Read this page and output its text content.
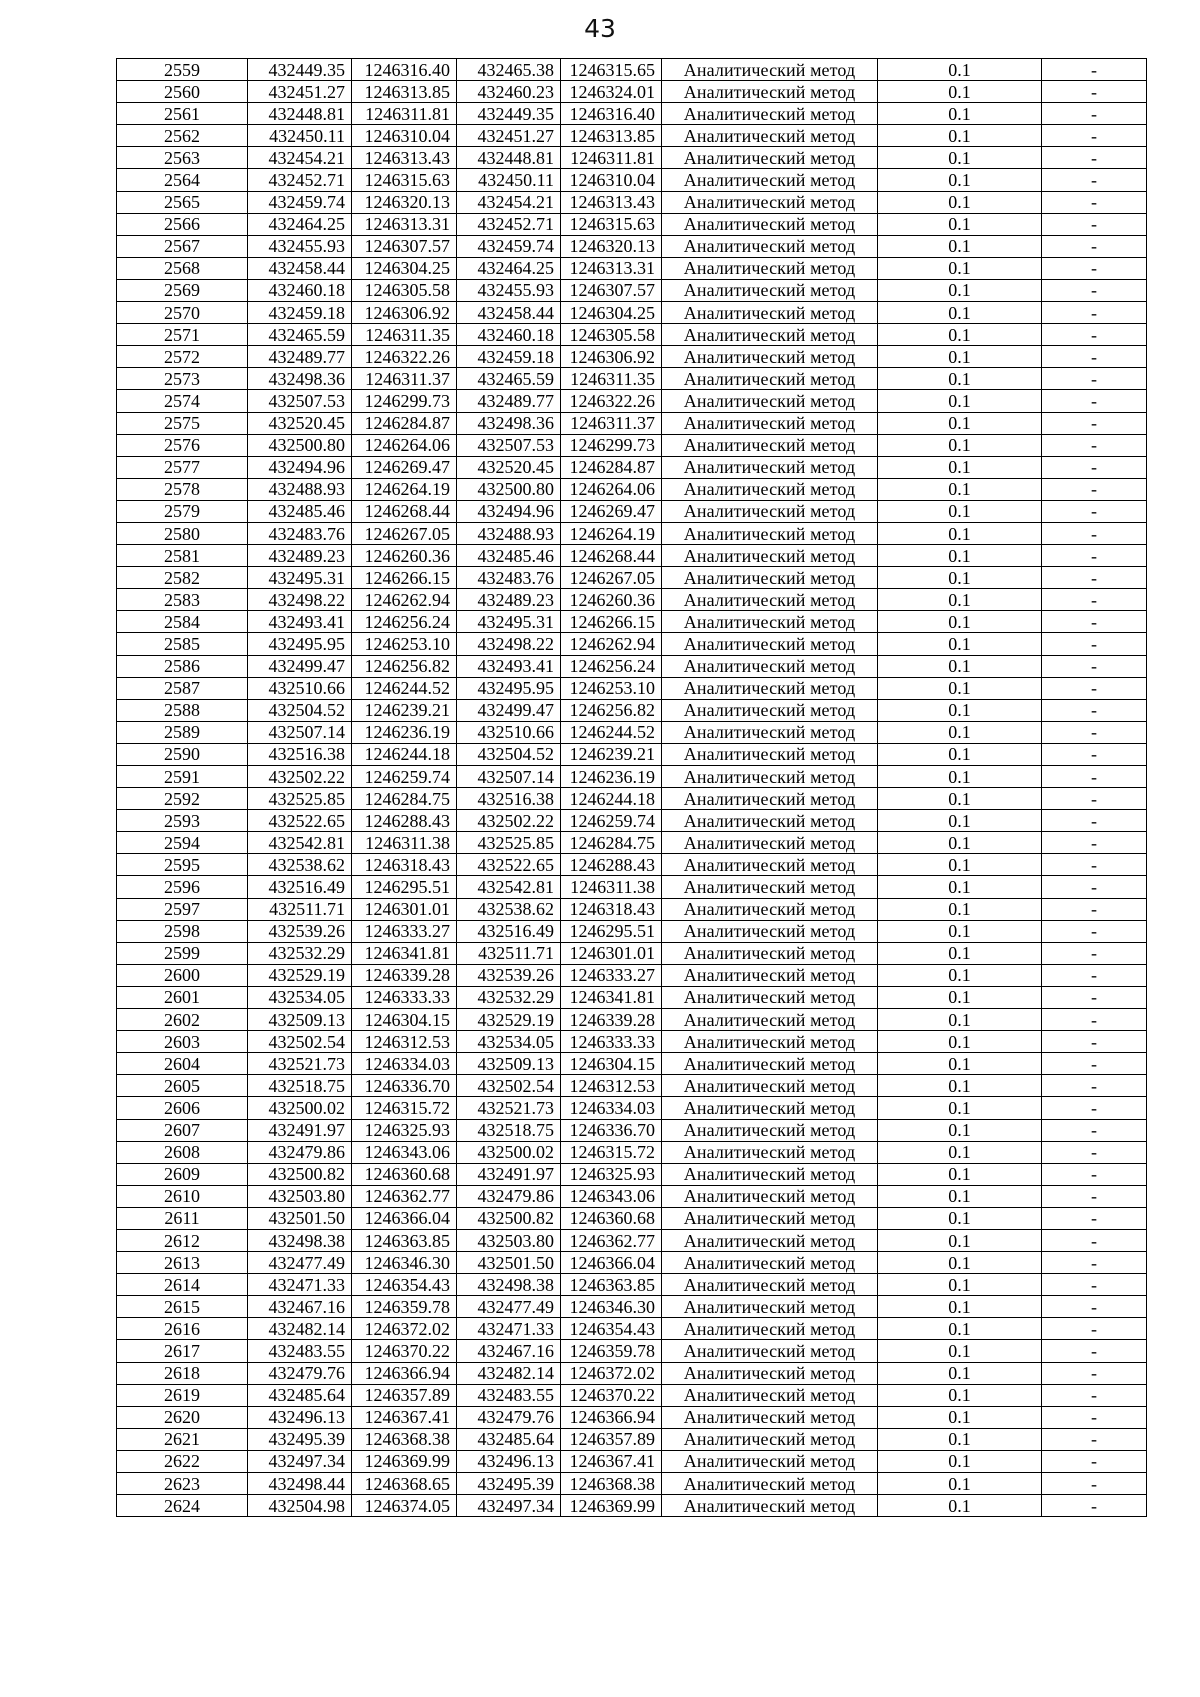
43
2559	432449.35	1246316.40	432465.38	1246315.65	Аналитический метод	0.1	-
2560	432451.27	1246313.85	432460.23	1246324.01	Аналитический метод	0.1	-
2561	432448.81	1246311.81	432449.35	1246316.40	Аналитический метод	0.1	-
2562	432450.11	1246310.04	432451.27	1246313.85	Аналитический метод	0.1	-
2563	432454.21	1246313.43	432448.81	1246311.81	Аналитический метод	0.1	-
2564	432452.71	1246315.63	432450.11	1246310.04	Аналитический метод	0.1	-
2565	432459.74	1246320.13	432454.21	1246313.43	Аналитический метод	0.1	-
2566	432464.25	1246313.31	432452.71	1246315.63	Аналитический метод	0.1	-
2567	432455.93	1246307.57	432459.74	1246320.13	Аналитический метод	0.1	-
2568	432458.44	1246304.25	432464.25	1246313.31	Аналитический метод	0.1	-
2569	432460.18	1246305.58	432455.93	1246307.57	Аналитический метод	0.1	-
2570	432459.18	1246306.92	432458.44	1246304.25	Аналитический метод	0.1	-
2571	432465.59	1246311.35	432460.18	1246305.58	Аналитический метод	0.1	-
2572	432489.77	1246322.26	432459.18	1246306.92	Аналитический метод	0.1	-
2573	432498.36	1246311.37	432465.59	1246311.35	Аналитический метод	0.1	-
2574	432507.53	1246299.73	432489.77	1246322.26	Аналитический метод	0.1	-
2575	432520.45	1246284.87	432498.36	1246311.37	Аналитический метод	0.1	-
2576	432500.80	1246264.06	432507.53	1246299.73	Аналитический метод	0.1	-
2577	432494.96	1246269.47	432520.45	1246284.87	Аналитический метод	0.1	-
2578	432488.93	1246264.19	432500.80	1246264.06	Аналитический метод	0.1	-
2579	432485.46	1246268.44	432494.96	1246269.47	Аналитический метод	0.1	-
2580	432483.76	1246267.05	432488.93	1246264.19	Аналитический метод	0.1	-
2581	432489.23	1246260.36	432485.46	1246268.44	Аналитический метод	0.1	-
2582	432495.31	1246266.15	432483.76	1246267.05	Аналитический метод	0.1	-
2583	432498.22	1246262.94	432489.23	1246260.36	Аналитический метод	0.1	-
2584	432493.41	1246256.24	432495.31	1246266.15	Аналитический метод	0.1	-
2585	432495.95	1246253.10	432498.22	1246262.94	Аналитический метод	0.1	-
2586	432499.47	1246256.82	432493.41	1246256.24	Аналитический метод	0.1	-
2587	432510.66	1246244.52	432495.95	1246253.10	Аналитический метод	0.1	-
2588	432504.52	1246239.21	432499.47	1246256.82	Аналитический метод	0.1	-
2589	432507.14	1246236.19	432510.66	1246244.52	Аналитический метод	0.1	-
2590	432516.38	1246244.18	432504.52	1246239.21	Аналитический метод	0.1	-
2591	432502.22	1246259.74	432507.14	1246236.19	Аналитический метод	0.1	-
2592	432525.85	1246284.75	432516.38	1246244.18	Аналитический метод	0.1	-
2593	432522.65	1246288.43	432502.22	1246259.74	Аналитический метод	0.1	-
2594	432542.81	1246311.38	432525.85	1246284.75	Аналитический метод	0.1	-
2595	432538.62	1246318.43	432522.65	1246288.43	Аналитический метод	0.1	-
2596	432516.49	1246295.51	432542.81	1246311.38	Аналитический метод	0.1	-
2597	432511.71	1246301.01	432538.62	1246318.43	Аналитический метод	0.1	-
2598	432539.26	1246333.27	432516.49	1246295.51	Аналитический метод	0.1	-
2599	432532.29	1246341.81	432511.71	1246301.01	Аналитический метод	0.1	-
2600	432529.19	1246339.28	432539.26	1246333.27	Аналитический метод	0.1	-
2601	432534.05	1246333.33	432532.29	1246341.81	Аналитический метод	0.1	-
2602	432509.13	1246304.15	432529.19	1246339.28	Аналитический метод	0.1	-
2603	432502.54	1246312.53	432534.05	1246333.33	Аналитический метод	0.1	-
2604	432521.73	1246334.03	432509.13	1246304.15	Аналитический метод	0.1	-
2605	432518.75	1246336.70	432502.54	1246312.53	Аналитический метод	0.1	-
2606	432500.02	1246315.72	432521.73	1246334.03	Аналитический метод	0.1	-
2607	432491.97	1246325.93	432518.75	1246336.70	Аналитический метод	0.1	-
2608	432479.86	1246343.06	432500.02	1246315.72	Аналитический метод	0.1	-
2609	432500.82	1246360.68	432491.97	1246325.93	Аналитический метод	0.1	-
2610	432503.80	1246362.77	432479.86	1246343.06	Аналитический метод	0.1	-
2611	432501.50	1246366.04	432500.82	1246360.68	Аналитический метод	0.1	-
2612	432498.38	1246363.85	432503.80	1246362.77	Аналитический метод	0.1	-
2613	432477.49	1246346.30	432501.50	1246366.04	Аналитический метод	0.1	-
2614	432471.33	1246354.43	432498.38	1246363.85	Аналитический метод	0.1	-
2615	432467.16	1246359.78	432477.49	1246346.30	Аналитический метод	0.1	-
2616	432482.14	1246372.02	432471.33	1246354.43	Аналитический метод	0.1	-
2617	432483.55	1246370.22	432467.16	1246359.78	Аналитический метод	0.1	-
2618	432479.76	1246366.94	432482.14	1246372.02	Аналитический метод	0.1	-
2619	432485.64	1246357.89	432483.55	1246370.22	Аналитический метод	0.1	-
2620	432496.13	1246367.41	432479.76	1246366.94	Аналитический метод	0.1	-
2621	432495.39	1246368.38	432485.64	1246357.89	Аналитический метод	0.1	-
2622	432497.34	1246369.99	432496.13	1246367.41	Аналитический метод	0.1	-
2623	432498.44	1246368.65	432495.39	1246368.38	Аналитический метод	0.1	-
2624	432504.98	1246374.05	432497.34	1246369.99	Аналитический метод	0.1	-
